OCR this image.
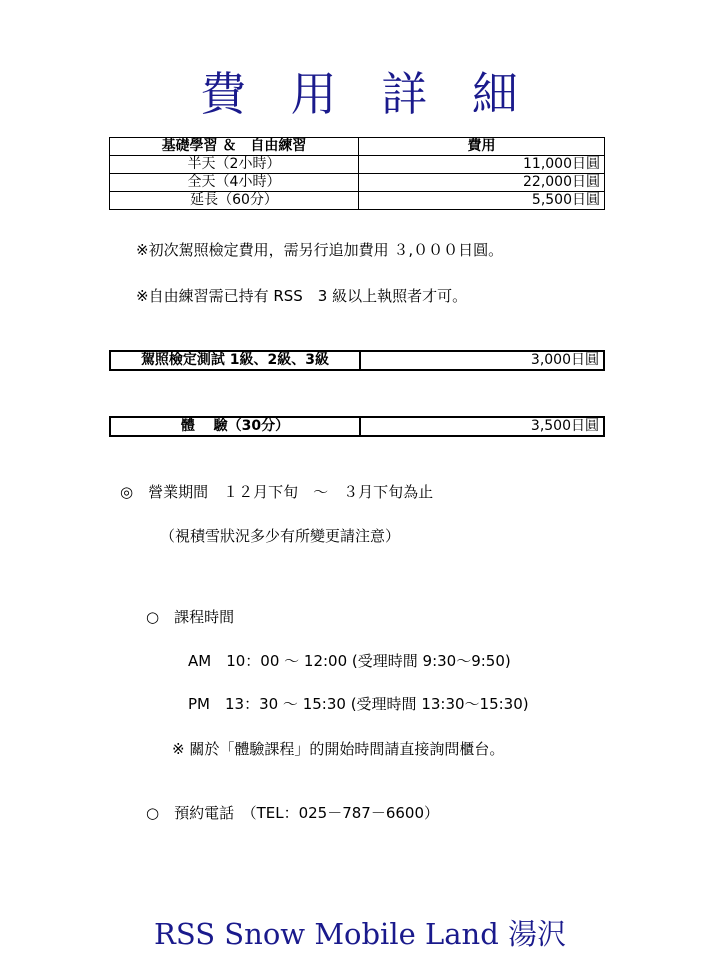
費 用 詳 細
基礎學習 ＆　自由練習	費用
半天（2小時）	11,000日圓
全天（4小時）	22,000日圓
延長（60分）	5,500日圓
※初次駕照檢定費用，需另行追加費用 ３,０００日圓。
※自由練習需已持有 RSS　3 級以上執照者才可。
駕照檢定測試 1級、2級、3級	3,000日圓
體　 驗（30分）	3,500日圓
◎　營業期間　１２月下旬　～　３月下旬為止
（視積雪狀況多少有所變更請注意）
○　課程時間
AM　10：00 ～ 12:00 (受理時間 9:30～9:50)
PM　13：30 ～ 15:30 (受理時間 13:30～15:30)
※ 關於「體驗課程」的開始時間請直接詢問櫃台。
○　預約電話　（TEL：025－787－6600）
RSS Snow Mobile Land 湯沢
